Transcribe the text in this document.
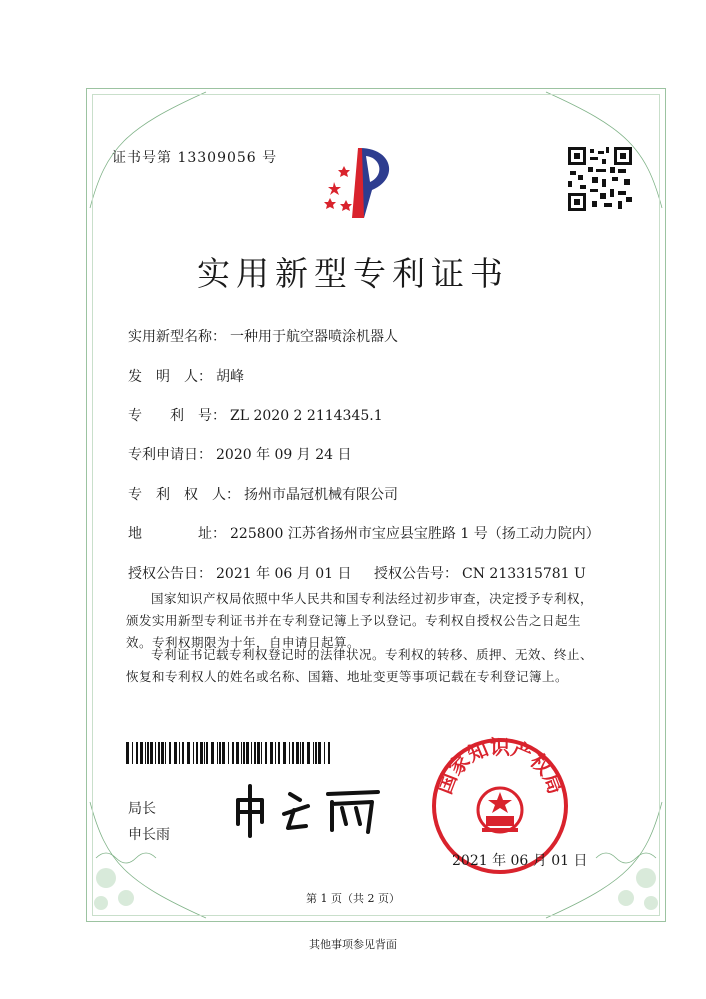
证书号第 13309056 号
实用新型专利证书
实用新型名称： 一种用于航空器喷涂机器人
发　明　人： 胡峰
专　　利　号： ZL 2020 2 2114345.1
专利申请日： 2020 年 09 月 24 日
专　利　权　人： 扬州市晶冠机械有限公司
地　　　　址： 225800 江苏省扬州市宝应县宝胜路 1 号（扬工动力院内）
授权公告日： 2021 年 06 月 01 日 授权公告号： CN 213315781 U
国家知识产权局依照中华人民共和国专利法经过初步审查，决定授予专利权，颁发实用新型专利证书并在专利登记簿上予以登记。专利权自授权公告之日起生效。专利权期限为十年，自申请日起算。
专利证书记载专利权登记时的法律状况。专利权的转移、质押、无效、终止、恢复和专利权人的姓名或名称、国籍、地址变更等事项记载在专利登记簿上。
局长
申长雨
国家知识产权局
2021 年 06 月 01 日
第 1 页（共 2 页）
其他事项参见背面
